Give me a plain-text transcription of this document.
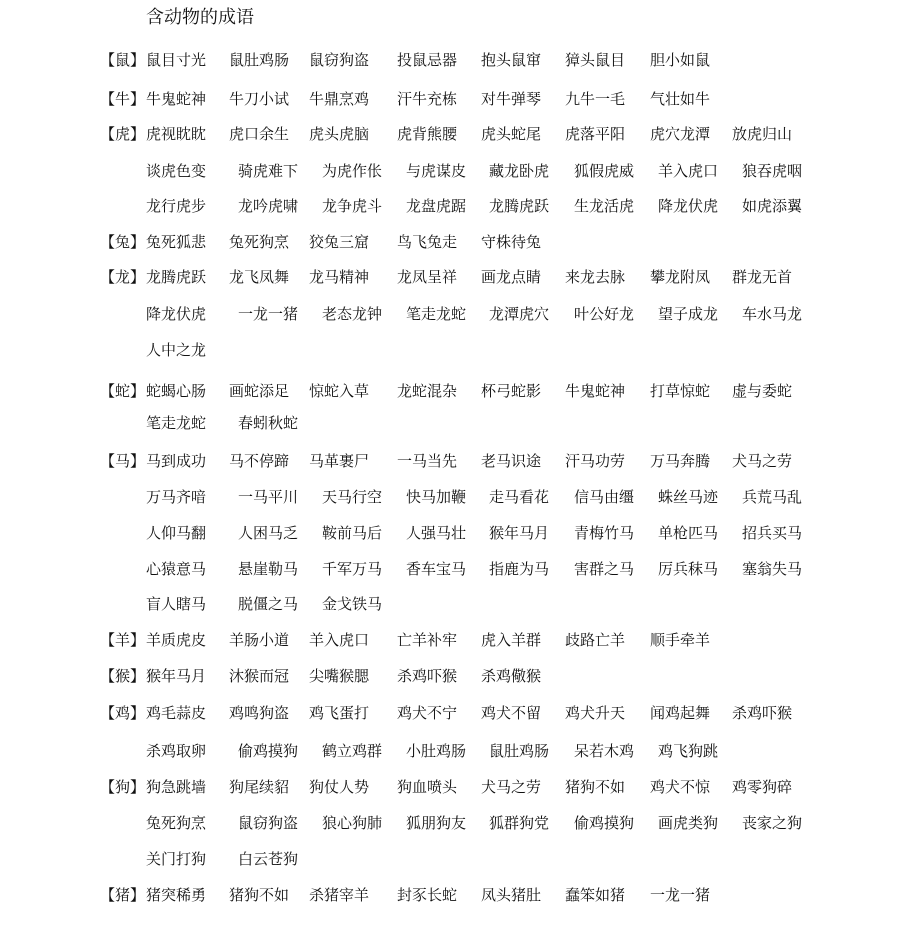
含动物的成语
【鼠】 鼠目寸光 鼠肚鸡肠 鼠窃狗盗 投鼠忌器 抱头鼠窜 獐头鼠目 胆小如鼠
【牛】 牛鬼蛇神 牛刀小试 牛鼎烹鸡 汗牛充栋 对牛弹琴 九牛一毛 气壮如牛
【虎】 虎视眈眈 虎口余生 虎头虎脑 虎背熊腰 虎头蛇尾 虎落平阳 虎穴龙潭 放虎归山
谈虎色变 骑虎难下 为虎作伥 与虎谋皮 藏龙卧虎 狐假虎威 羊入虎口 狼吞虎咽
龙行虎步 龙吟虎啸 龙争虎斗 龙盘虎踞 龙腾虎跃 生龙活虎 降龙伏虎 如虎添翼
【兔】 兔死狐悲 兔死狗烹 狡兔三窟 鸟飞兔走 守株待兔
【龙】 龙腾虎跃 龙飞凤舞 龙马精神 龙凤呈祥 画龙点睛 来龙去脉 攀龙附凤 群龙无首
降龙伏虎 一龙一猪 老态龙钟 笔走龙蛇 龙潭虎穴 叶公好龙 望子成龙 车水马龙
人中之龙
【蛇】 蛇蝎心肠 画蛇添足 惊蛇入草 龙蛇混杂 杯弓蛇影 牛鬼蛇神 打草惊蛇 虚与委蛇
笔走龙蛇 春蚓秋蛇
【马】 马到成功 马不停蹄 马革裹尸 一马当先 老马识途 汗马功劳 万马奔腾 犬马之劳
万马齐喑 一马平川 天马行空 快马加鞭 走马看花 信马由缰 蛛丝马迹 兵荒马乱
人仰马翻 人困马乏 鞍前马后 人强马壮 猴年马月 青梅竹马 单枪匹马 招兵买马
心猿意马 悬崖勒马 千军万马 香车宝马 指鹿为马 害群之马 厉兵秣马 塞翁失马
盲人瞎马 脱僵之马 金戈铁马
【羊】 羊质虎皮 羊肠小道 羊入虎口 亡羊补牢 虎入羊群 歧路亡羊 顺手牵羊
【猴】 猴年马月 沐猴而冠 尖嘴猴腮 杀鸡吓猴 杀鸡儆猴
【鸡】 鸡毛蒜皮 鸡鸣狗盗 鸡飞蛋打 鸡犬不宁 鸡犬不留 鸡犬升天 闻鸡起舞 杀鸡吓猴
杀鸡取卵 偷鸡摸狗 鹤立鸡群 小肚鸡肠 鼠肚鸡肠 呆若木鸡 鸡飞狗跳
【狗】 狗急跳墙 狗尾续貂 狗仗人势 狗血喷头 犬马之劳 猪狗不如 鸡犬不惊 鸡零狗碎
兔死狗烹 鼠窃狗盗 狼心狗肺 狐朋狗友 狐群狗党 偷鸡摸狗 画虎类狗 丧家之狗
关门打狗 白云苍狗
【猪】 猪突稀勇 猪狗不如 杀猪宰羊 封豕长蛇 凤头猪肚 蠢笨如猪 一龙一猪
